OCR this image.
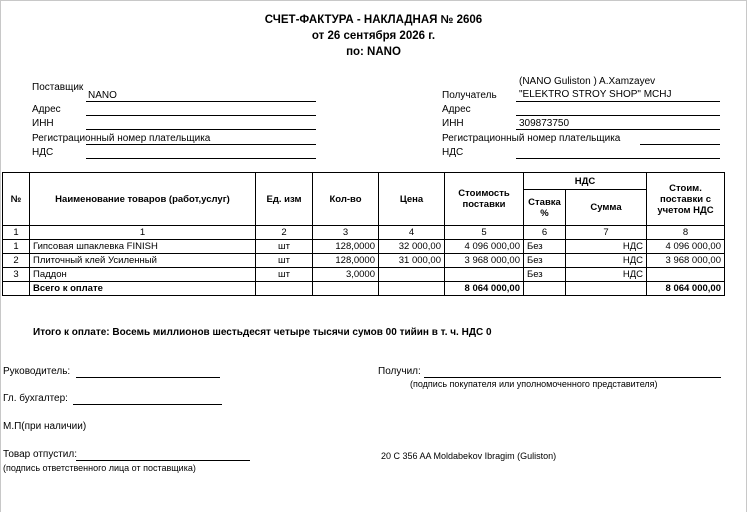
СЧЕТ-ФАКТУРА - НАКЛАДНАЯ № 2606
от 26 сентября 2026 г.
по: NANO
Поставщик
NANO
Адрес
ИНН
Регистрационный номер плательщика
НДС
(NANO Guliston ) A.Xamzayev
Получатель "ELEKTRO STROY SHOP" MCHJ
Адрес
ИНН	309873750
Регистрационный номер плательщика
НДС
№	Наименование товаров (работ,услуг)	Ед. изм	Кол-во	Цена	Стоимость поставки	НДС		Стоим. поставки с учетом НДС
						Ставка %	Сумма	
1	1	2	3	4	5	6	7	8
1	Гипсовая шпаклевка FINISH	шт	128,0000	32 000,00	4 096 000,00	Без	НДС	4 096 000,00
2	Плиточный клей Усиленный	шт	128,0000	31 000,00	3 968 000,00	Без	НДС	3 968 000,00
3	Паддон	шт	3,0000			Без	НДС	
	Всего к оплате				8 064 000,00			8 064 000,00
Итого к оплате: Восемь миллионов шестьдесят четыре тысячи сумов 00 тийин в т. ч. НДС 0
Руководитель:	Получил:
(подпись покупателя или уполномоченного представителя)
Гл. бухгалтер:
М.П(при наличии)
Товар отпустил:
(подпись ответственного лица от поставщика)
20 C 356 AA Moldabekov Ibragim (Guliston)
